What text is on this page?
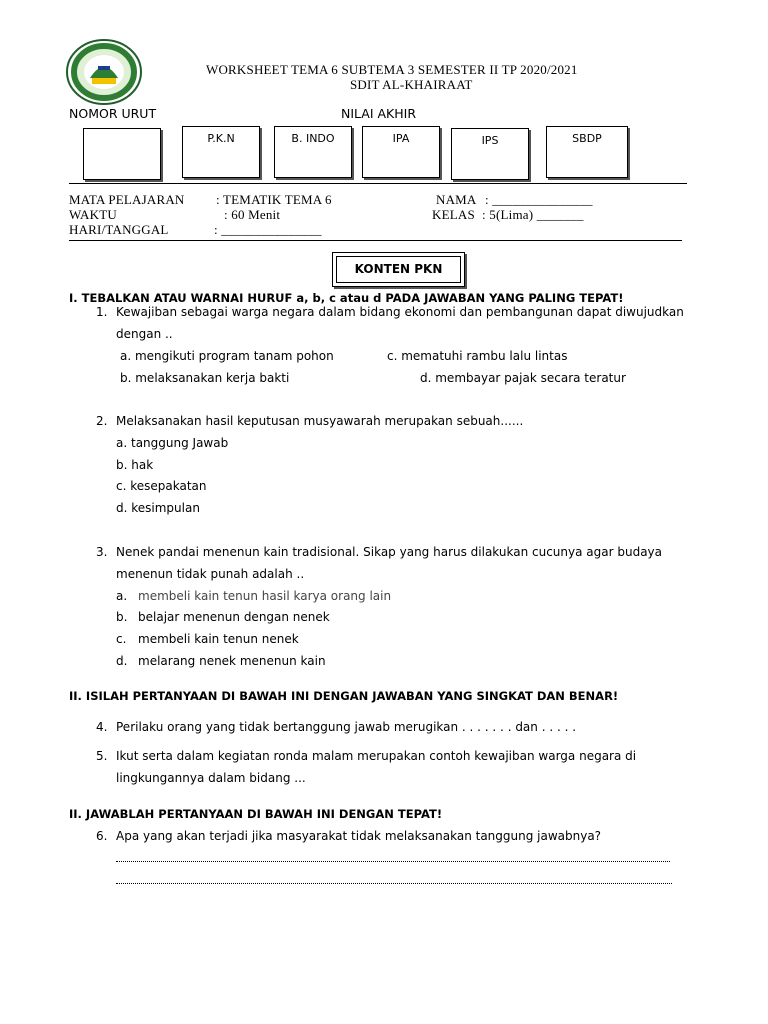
WORKSHEET TEMA 6 SUBTEMA 3 SEMESTER II TP 2020/2021
SDIT AL-KHAIRAAT
NOMOR URUT	NILAI AKHIR
P.K.N	B. INDO	IPA	IPS	SBDP
MATA PELAJARAN : TEMATIK TEMA 6
WAKTU	: 60 Menit
HARI/TANGGAL	: _______________
NAMA : _______________
KELAS : 5(Lima) _______
KONTEN PKN
I. TEBALKAN ATAU WARNAI HURUF a, b, c atau d PADA JAWABAN YANG PALING TEPAT!
1. Kewajiban sebagai warga negara dalam bidang ekonomi dan pembangunan dapat diwujudkan
dengan ..
a. mengikuti program tanam pohon	c. mematuhi rambu lalu lintas
b. melaksanakan kerja bakti	d. membayar pajak secara teratur
2. Melaksanakan hasil keputusan musyawarah merupakan sebuah......
a. tanggung Jawab
b. hak
c. kesepakatan
d. kesimpulan
3. Nenek pandai menenun kain tradisional. Sikap yang harus dilakukan cucunya agar budaya
menenun tidak punah adalah ..
a. membeli kain tenun hasil karya orang lain
b. belajar menenun dengan nenek
c. membeli kain tenun nenek
d. melarang nenek menenun kain
II. ISILAH PERTANYAAN DI BAWAH INI DENGAN JAWABAN YANG SINGKAT DAN BENAR!
4. Perilaku orang yang tidak bertanggung jawab merugikan . . . . . . . dan . . . . .
5. Ikut serta dalam kegiatan ronda malam merupakan contoh kewajiban warga negara di
lingkungannya dalam bidang ...
II. JAWABLAH PERTANYAAN DI BAWAH INI DENGAN TEPAT!
6. Apa yang akan terjadi jika masyarakat tidak melaksanakan tanggung jawabnya?
